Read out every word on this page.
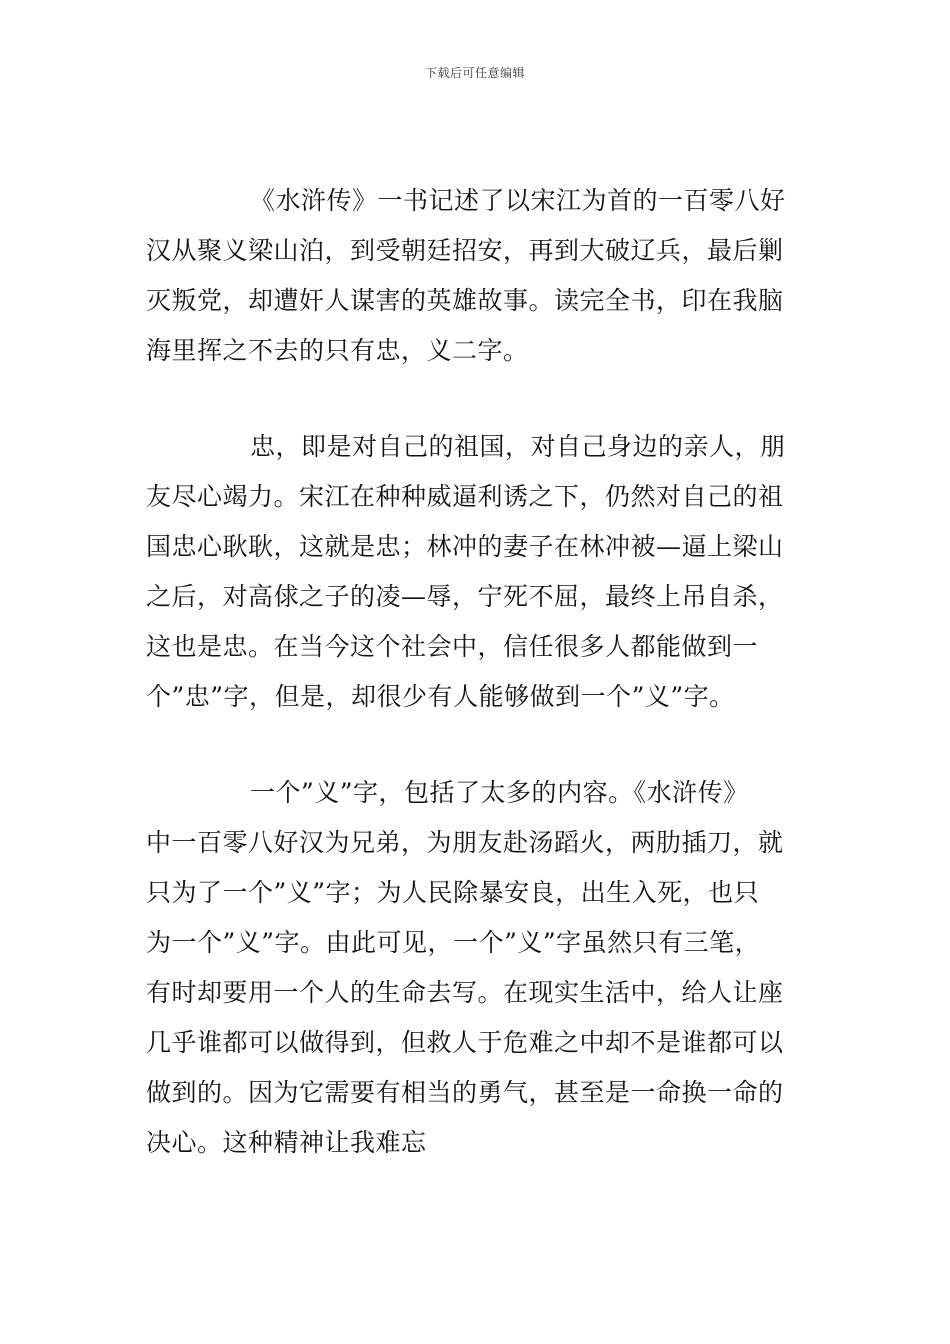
下载后可任意编辑

《水浒传》一书记述了以宋江为首的一百零八好
汉从聚义梁山泊，到受朝廷招安，再到大破辽兵，最后剿
灭叛党，却遭奸人谋害的英雄故事。读完全书，印在我脑
海里挥之不去的只有忠，义二字。

忠，即是对自己的祖国，对自己身边的亲人，朋
友尽心竭力。宋江在种种威逼利诱之下，仍然对自己的祖
国忠心耿耿，这就是忠；林冲的妻子在林冲被—逼上梁山
之后，对高俅之子的凌—辱，宁死不屈，最终上吊自杀，
这也是忠。在当今这个社会中，信任很多人都能做到一
个”忠”字，但是，却很少有人能够做到一个”义”字。

一个”义”字，包括了太多的内容。《水浒传》
中一百零八好汉为兄弟，为朋友赴汤蹈火，两肋插刀，就
只为了一个”义”字；为人民除暴安良，出生入死，也只
为一个”义”字。由此可见，一个”义”字虽然只有三笔，
有时却要用一个人的生命去写。在现实生活中，给人让座
几乎谁都可以做得到，但救人于危难之中却不是谁都可以
做到的。因为它需要有相当的勇气，甚至是一命换一命的
决心。这种精神让我难忘
